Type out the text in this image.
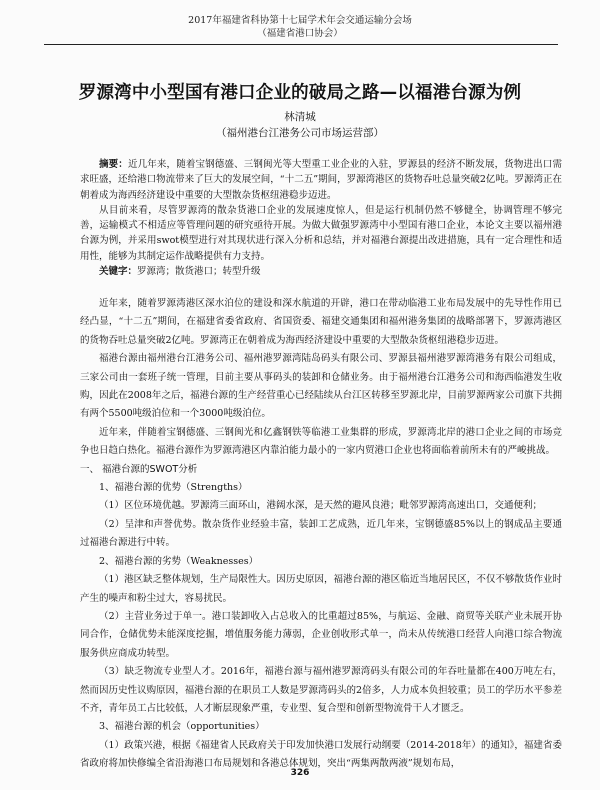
2017年福建省科协第十七届学术年会交通运输分会场
（福建省港口协会）
罗源湾中小型国有港口企业的破局之路—以福港台源为例
林清城
（福州港台江港务公司市场运营部）

摘要：近几年来，随着宝钢德盛、三钢闽光等大型重工业企业的入驻，罗源县的经济不断发展，货物进出口需求旺盛，还给港口物流带来了巨大的发展空间，“十二五”期间，罗源湾港区的货物吞吐总量突破2亿吨。罗源湾正在朝着成为海西经济建设中重要的大型散杂货枢纽港稳步迈进。

从目前来看，尽管罗源湾的散杂货港口企业的发展速度惊人，但是运行机制仍然不够健全，协调管理不够完善，运输模式不相适应等管理问题的研究亟待开展。为做大做强罗源湾中小型国有港口企业，本论文主要以福州港台源为例，并采用swot模型进行对其现状进行深入分析和总结，并对福港台源提出改进措施，具有一定合理性和适用性，能够为其制定运作战略提供有力支持。

关键字：罗源湾；散货港口；转型升级

近年来，随着罗源湾港区深水泊位的建设和深水航道的开辟，港口在带动临港工业布局发展中的先导性作用已经凸显，“十二五”期间，在福建省委省政府、省国资委、福建交通集团和福州港务集团的战略部署下，罗源湾港区的货物吞吐总量突破2亿吨。罗源湾正在朝着成为海西经济建设中重要的大型散杂货枢纽港稳步迈进。

福港台源由福州港台江港务公司、福州港罗源湾陆岛码头有限公司、罗源县福州港罗源湾港务有限公司组成，三家公司由一套班子统一管理，目前主要从事码头的装卸和仓储业务。由于福州港台江港务公司和海西临港发生收购，因此在2008年之后，福港台源的生产经营重心已经陆续从台江区转移至罗源北岸，目前罗源两家公司旗下共拥有两个5500吨级泊位和一个3000吨级泊位。

近年来，伴随着宝钢德盛、三钢闽光和亿鑫钢铁等临港工业集群的形成，罗源湾北岸的港口企业之间的市场竞争也日趋白热化。福港台源作为罗源湾港区内靠泊能力最小的一家内贸港口企业也将面临着前所未有的严峻挑战。

一、 福港台源的SWOT分析

1、福港台源的优势（Strengths）

（1）区位环境优越。罗源湾三面环山，港阔水深，是天然的避风良港；毗邻罗源湾高速出口，交通便利；

（2）呈津和声誉优势。散杂货作业经验丰富，装卸工艺成熟，近几年来，宝钢德盛85%以上的钢成品主要通过福港台源进行中转。

2、福港台源的劣势（Weaknesses）

（1）港区缺乏整体规划，生产局限性大。因历史原因，福港台源的港区临近当地居民区，不仅不够散货作业时产生的噪声和粉尘过大，容易扰民。

（2）主营业务过于单一。港口装卸收入占总收入的比重超过85%，与航运、金融、商贸等关联产业未展开协同合作，仓储优势未能深度挖掘，增值服务能力薄弱，企业创收形式单一，尚未从传统港口经营人向港口综合物流服务供应商成功转型。

（3）缺乏物流专业型人才。2016年，福港台源与福州港罗源湾码头有限公司的年吞吐量都在400万吨左右，然而因历史性议购原因，福港台源的在职员工人数是罗源湾码头的2倍多，人力成本负担较重；员工的学历水平参差不齐，青年员工占比较低，人才断层现象严重，专业型、复合型和创新型物流骨干人才匮乏。

3、福港台源的机会（opportunities）

（1）政策兴港，根据《福建省人民政府关于印发加快港口发展行动纲要（2014-2018年）的通知》，福建省委省政府将加快修编全省沿海港口布局规划和各港总体规划，突出“两集两散两液”规划布局，

326
